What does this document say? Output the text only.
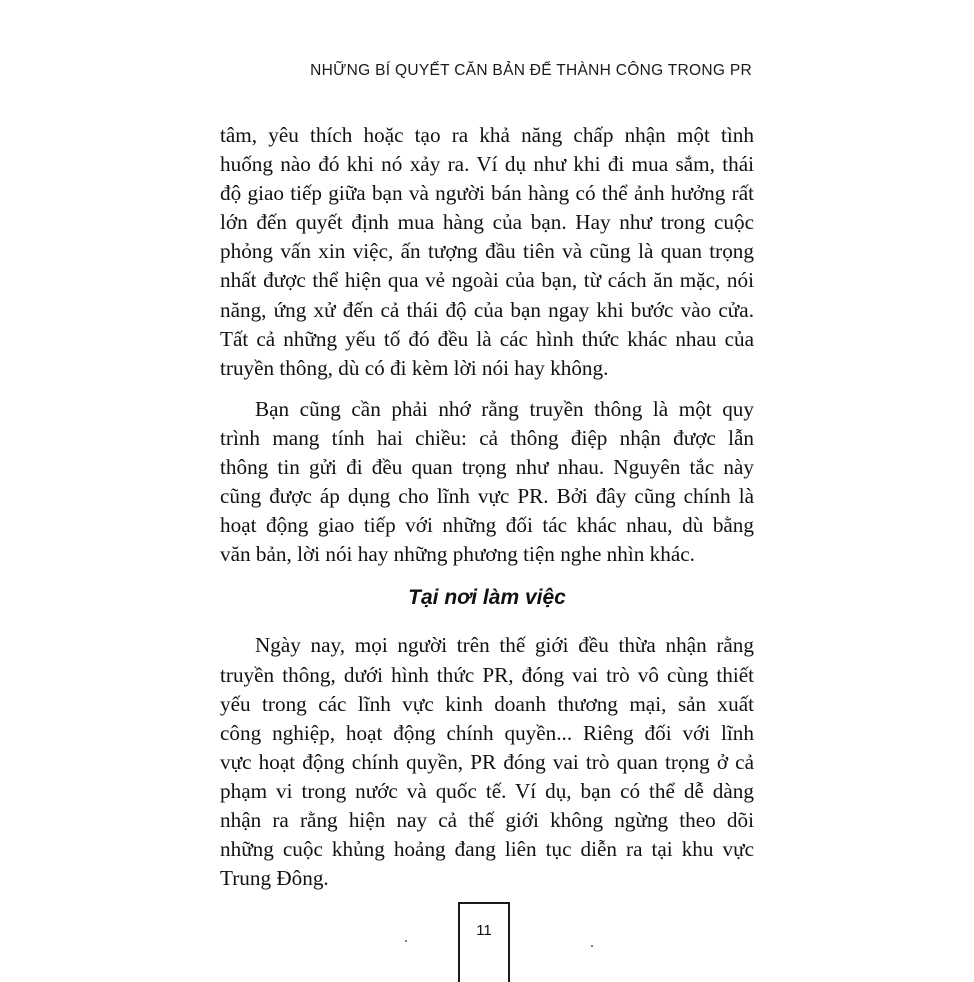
NHỮNG BÍ QUYẾT CĂN BẢN ĐỂ THÀNH CÔNG TRONG PR
tâm, yêu thích hoặc tạo ra khả năng chấp nhận một tình
huống nào đó khi nó xảy ra. Ví dụ như khi đi mua sắm, thái
độ giao tiếp giữa bạn và người bán hàng có thể ảnh hưởng rất
lớn đến quyết định mua hàng của bạn. Hay như trong cuộc
phỏng vấn xin việc, ấn tượng đầu tiên và cũng là quan trọng
nhất được thể hiện qua vẻ ngoài của bạn, từ cách ăn mặc, nói
năng, ứng xử đến cả thái độ của bạn ngay khi bước vào cửa.
Tất cả những yếu tố đó đều là các hình thức khác nhau của
truyền thông, dù có đi kèm lời nói hay không.
Bạn cũng cần phải nhớ rằng truyền thông là một quy
trình mang tính hai chiều: cả thông điệp nhận được lẫn
thông tin gửi đi đều quan trọng như nhau. Nguyên tắc này
cũng được áp dụng cho lĩnh vực PR. Bởi đây cũng chính là
hoạt động giao tiếp với những đối tác khác nhau, dù bằng
văn bản, lời nói hay những phương tiện nghe nhìn khác.
Tại nơi làm việc
Ngày nay, mọi người trên thế giới đều thừa nhận rằng
truyền thông, dưới hình thức PR, đóng vai trò vô cùng thiết
yếu trong các lĩnh vực kinh doanh thương mại, sản xuất
công nghiệp, hoạt động chính quyền... Riêng đối với lĩnh
vực hoạt động chính quyền, PR đóng vai trò quan trọng ở cả
phạm vi trong nước và quốc tế. Ví dụ, bạn có thể dễ dàng
nhận ra rằng hiện nay cả thế giới không ngừng theo dõi
những cuộc khủng hoảng đang liên tục diễn ra tại khu vực
Trung Đông.
11
